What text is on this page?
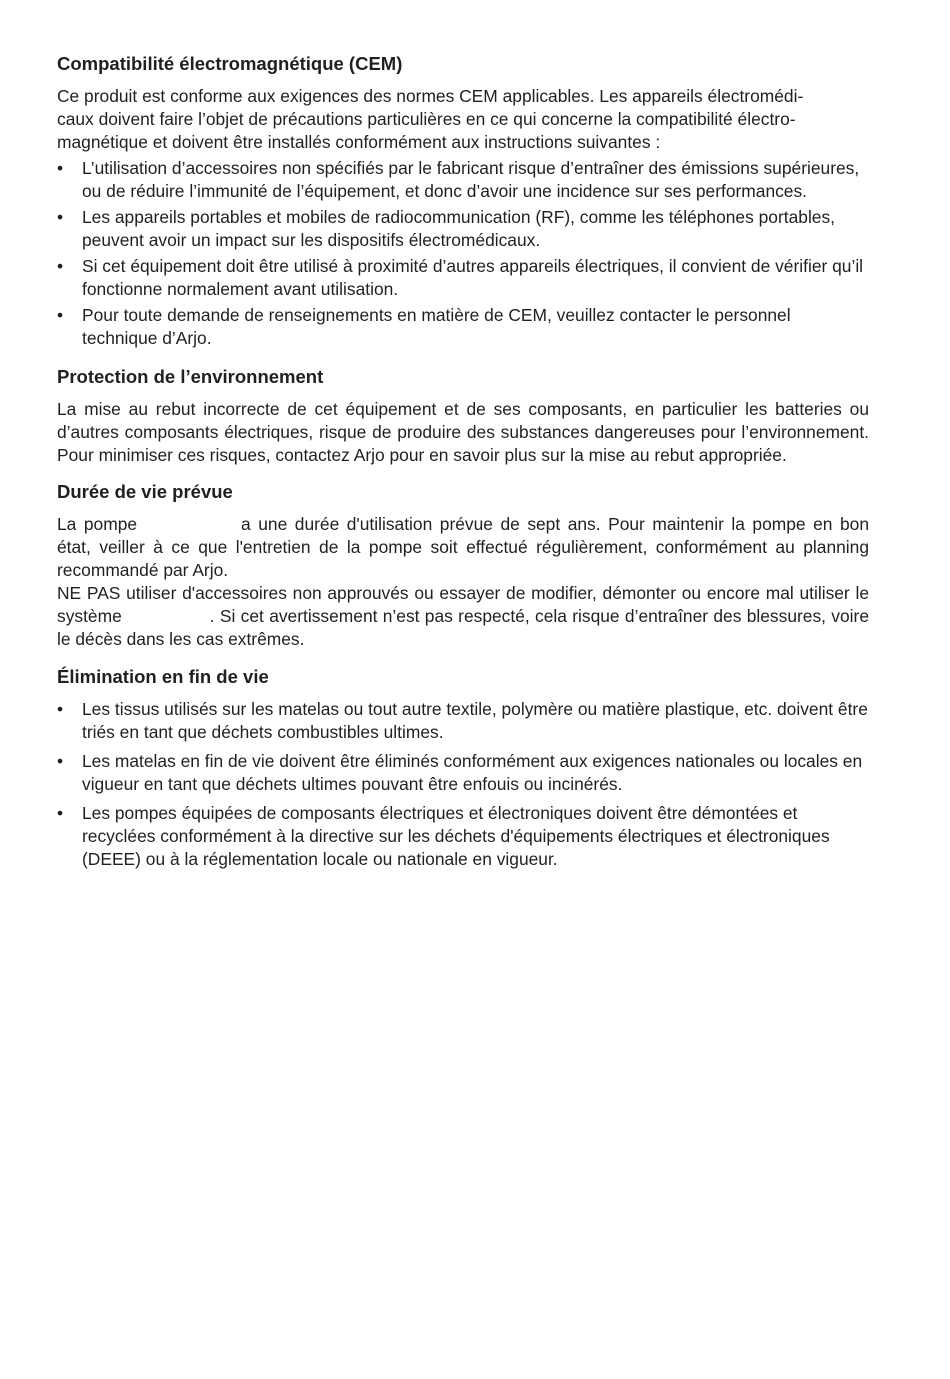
Compatibilité électromagnétique (CEM)

Ce produit est conforme aux exigences des normes CEM applicables. Les appareils électromédi-
caux doivent faire l’objet de précautions particulières en ce qui concerne la compatibilité électro-
magnétique et doivent être installés conformément aux instructions suivantes :

• L’utilisation d’accessoires non spécifiés par le fabricant risque d’entraîner des émissions supérieures, ou de réduire l’immunité de l’équipement, et donc d’avoir une incidence sur ses performances.
• Les appareils portables et mobiles de radiocommunication (RF), comme les téléphones portables, peuvent avoir un impact sur les dispositifs électromédicaux.
• Si cet équipement doit être utilisé à proximité d’autres appareils électriques, il convient de vérifier qu’il fonctionne normalement avant utilisation.
• Pour toute demande de renseignements en matière de CEM, veuillez contacter le personnel technique d’Arjo.
Protection de l’environnement

La mise au rebut incorrecte de cet équipement et de ses composants, en particulier les batteries ou d’autres composants électriques, risque de produire des substances dangereuses pour l’environnement. Pour minimiser ces risques, contactez Arjo pour en savoir plus sur la mise au rebut appropriée.

Durée de vie prévue

La pompe	a une durée d'utilisation prévue de sept ans. Pour maintenir la pompe en bon état, veiller à ce que l'entretien de la pompe soit effectué régulièrement, conformément au planning recommandé par Arjo.

NE PAS utiliser d'accessoires non approuvés ou essayer de modifier, démonter ou encore mal utiliser le système	. Si cet avertissement n’est pas respecté, cela risque d’entraîner des blessures, voire le décès dans les cas extrêmes.

Élimination en fin de vie
• Les tissus utilisés sur les matelas ou tout autre textile, polymère ou matière plastique, etc. doivent être triés en tant que déchets combustibles ultimes.
• Les matelas en fin de vie doivent être éliminés conformément aux exigences nationales ou locales en vigueur en tant que déchets ultimes pouvant être enfouis ou incinérés.
• Les pompes équipées de composants électriques et électroniques doivent être démontées et recyclées conformément à la directive sur les déchets d'équipements électriques et électroniques (DEEE) ou à la réglementation locale ou nationale en vigueur.
